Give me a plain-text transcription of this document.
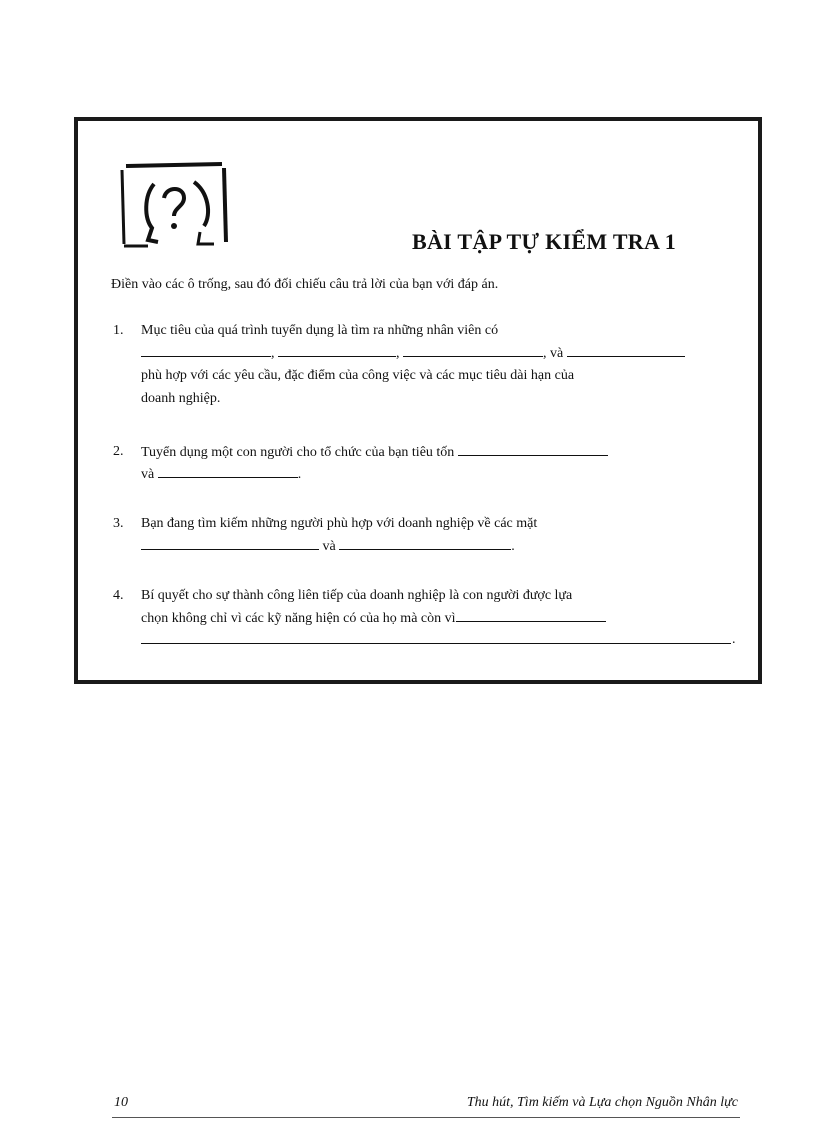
BÀI TẬP TỰ KIỂM TRA 1
Điền vào các ô trống, sau đó đối chiếu câu trả lời của bạn với đáp án.
1. Mục tiêu của quá trình tuyển dụng là tìm ra những nhân viên có
,	,	, và
phù hợp với các yêu cầu, đặc điểm của công việc và các mục tiêu dài hạn của
doanh nghiệp.
2. Tuyển dụng một con người cho tổ chức của bạn tiêu tốn
và	.
3. Bạn đang tìm kiếm những người phù hợp với doanh nghiệp về các mặt
và	.
4. Bí quyết cho sự thành công liên tiếp của doanh nghiệp là con người được lựa
chọn không chỉ vì các kỹ năng hiện có của họ mà còn vì
.
10	Thu hút, Tìm kiếm và Lựa chọn Nguồn Nhân lực
